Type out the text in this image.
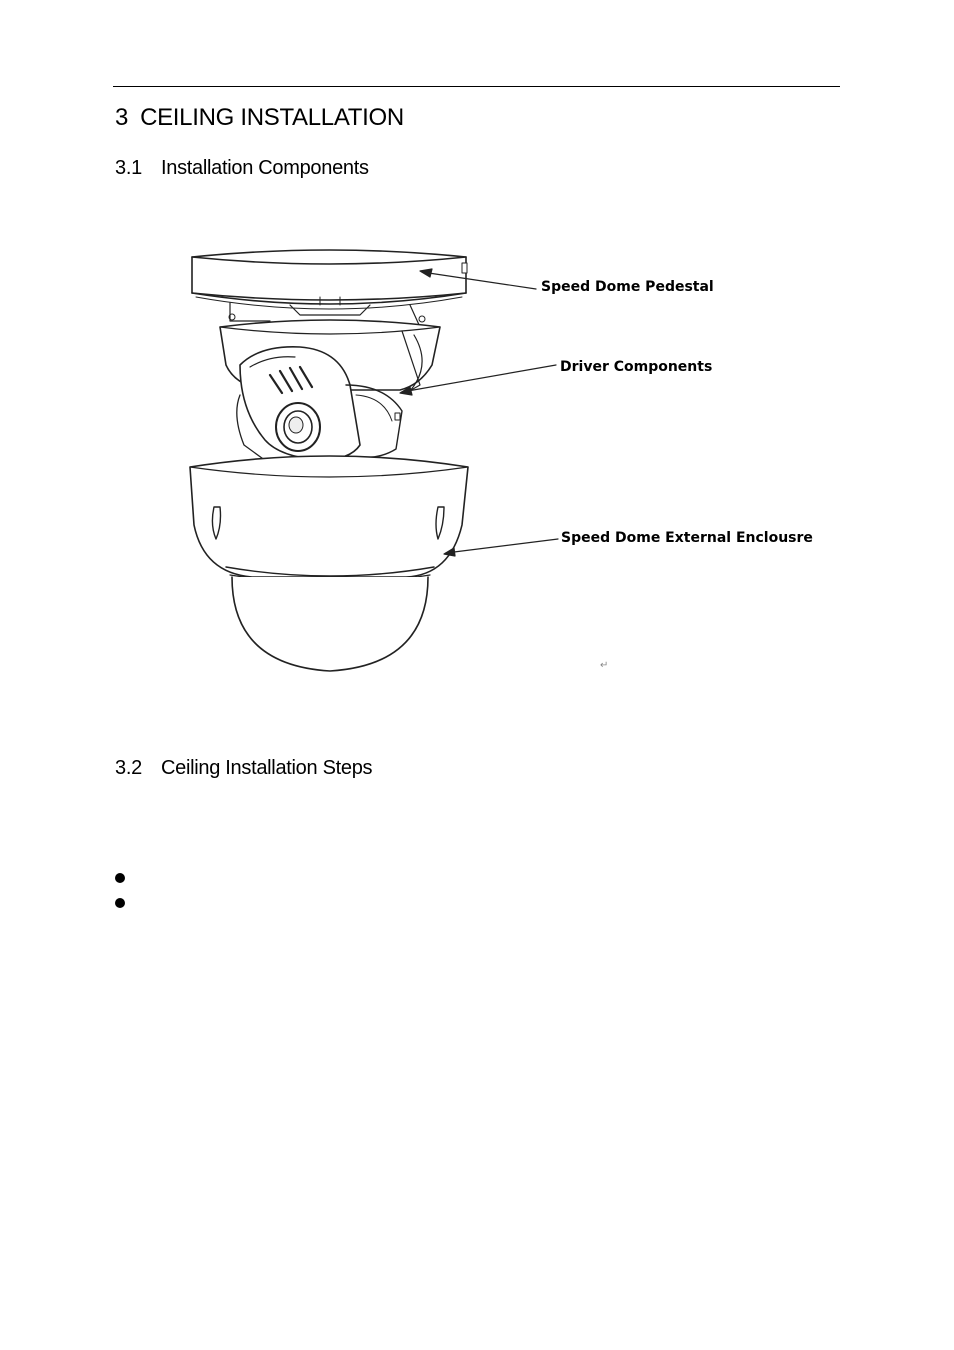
3 CEILING INSTALLATION
3.1 Installation Components
Speed Dome Pedestal
Driver Components
Speed Dome External Enclousre
↵
3.2 Ceiling Installation Steps
